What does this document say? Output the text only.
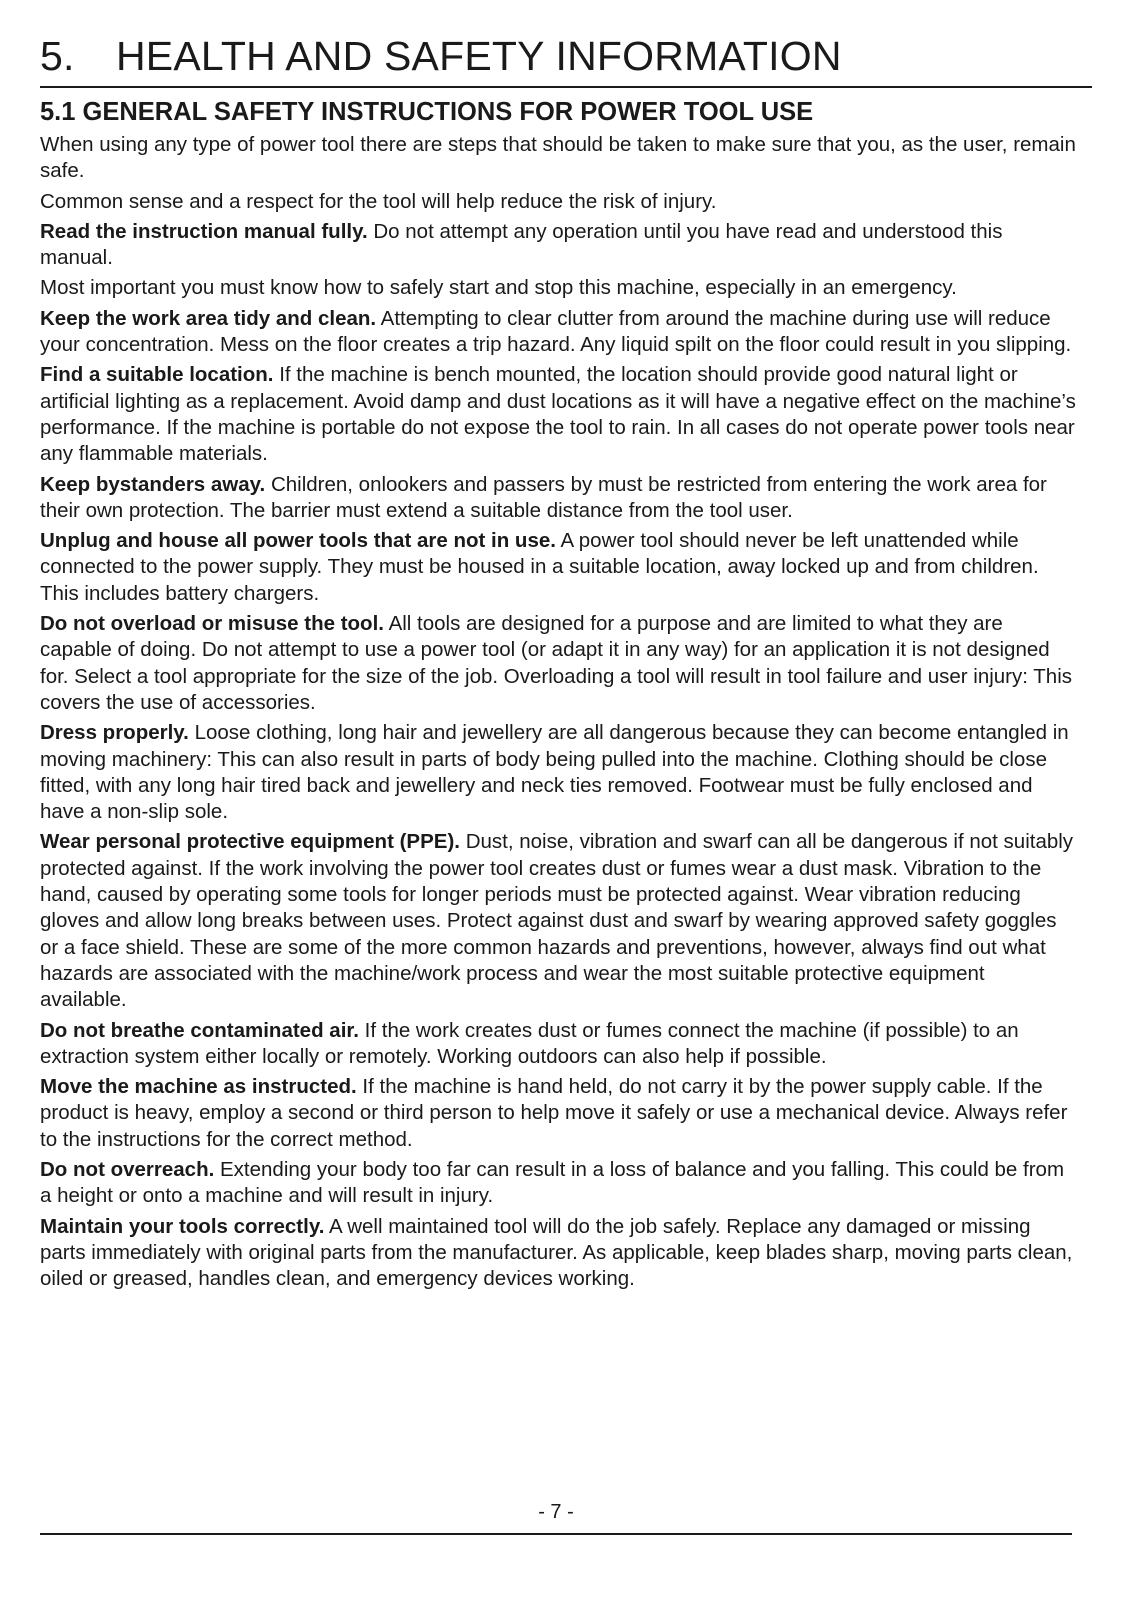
5. HEALTH AND SAFETY INFORMATION
5.1 GENERAL SAFETY INSTRUCTIONS FOR POWER TOOL USE

When using any type of power tool there are steps that should be taken to make sure that you, as the user, remain safe.

Common sense and a respect for the tool will help reduce the risk of injury.

Read the instruction manual fully. Do not attempt any operation until you have read and understood this manual.

Most important you must know how to safely start and stop this machine, especially in an emergency.

Keep the work area tidy and clean. Attempting to clear clutter from around the machine during use will reduce your concentration. Mess on the floor creates a trip hazard. Any liquid spilt on the floor could result in you slipping.

Find a suitable location. If the machine is bench mounted, the location should provide good natural light or artificial lighting as a replacement. Avoid damp and dust locations as it will have a negative effect on the machine’s performance. If the machine is portable do not expose the tool to rain. In all cases do not operate power tools near any flammable materials.

Keep bystanders away. Children, onlookers and passers by must be restricted from entering the work area for their own protection. The barrier must extend a suitable distance from the tool user.

Unplug and house all power tools that are not in use. A power tool should never be left unattended while connected to the power supply. They must be housed in a suitable location, away locked up and from children. This includes battery chargers.

Do not overload or misuse the tool. All tools are designed for a purpose and are limited to what they are capable of doing. Do not attempt to use a power tool (or adapt it in any way) for an application it is not designed for. Select a tool appropriate for the size of the job. Overloading a tool will result in tool failure and user injury: This covers the use of accessories.

Dress properly. Loose clothing, long hair and jewellery are all dangerous because they can become entangled in moving machinery: This can also result in parts of body being pulled into the machine. Clothing should be close fitted, with any long hair tired back and jewellery and neck ties removed. Footwear must be fully enclosed and have a non-slip sole.

Wear personal protective equipment (PPE). Dust, noise, vibration and swarf can all be dangerous if not suitably protected against. If the work involving the power tool creates dust or fumes wear a dust mask. Vibration to the hand, caused by operating some tools for longer periods must be protected against. Wear vibration reducing gloves and allow long breaks between uses. Protect against dust and swarf by wearing approved safety goggles or a face shield. These are some of the more common hazards and preventions, however, always find out what hazards are associated with the machine/work process and wear the most suitable protective equipment available.

Do not breathe contaminated air. If the work creates dust or fumes connect the machine (if possible) to an extraction system either locally or remotely. Working outdoors can also help if possible.

Move the machine as instructed. If the machine is hand held, do not carry it by the power supply cable. If the product is heavy, employ a second or third person to help move it safely or use a mechanical device. Always refer to the instructions for the correct method.

Do not overreach. Extending your body too far can result in a loss of balance and you falling. This could be from a height or onto a machine and will result in injury.

Maintain your tools correctly. A well maintained tool will do the job safely. Replace any damaged or missing parts immediately with original parts from the manufacturer. As applicable, keep blades sharp, moving parts clean, oiled or greased, handles clean, and emergency devices working.

- 7 -
